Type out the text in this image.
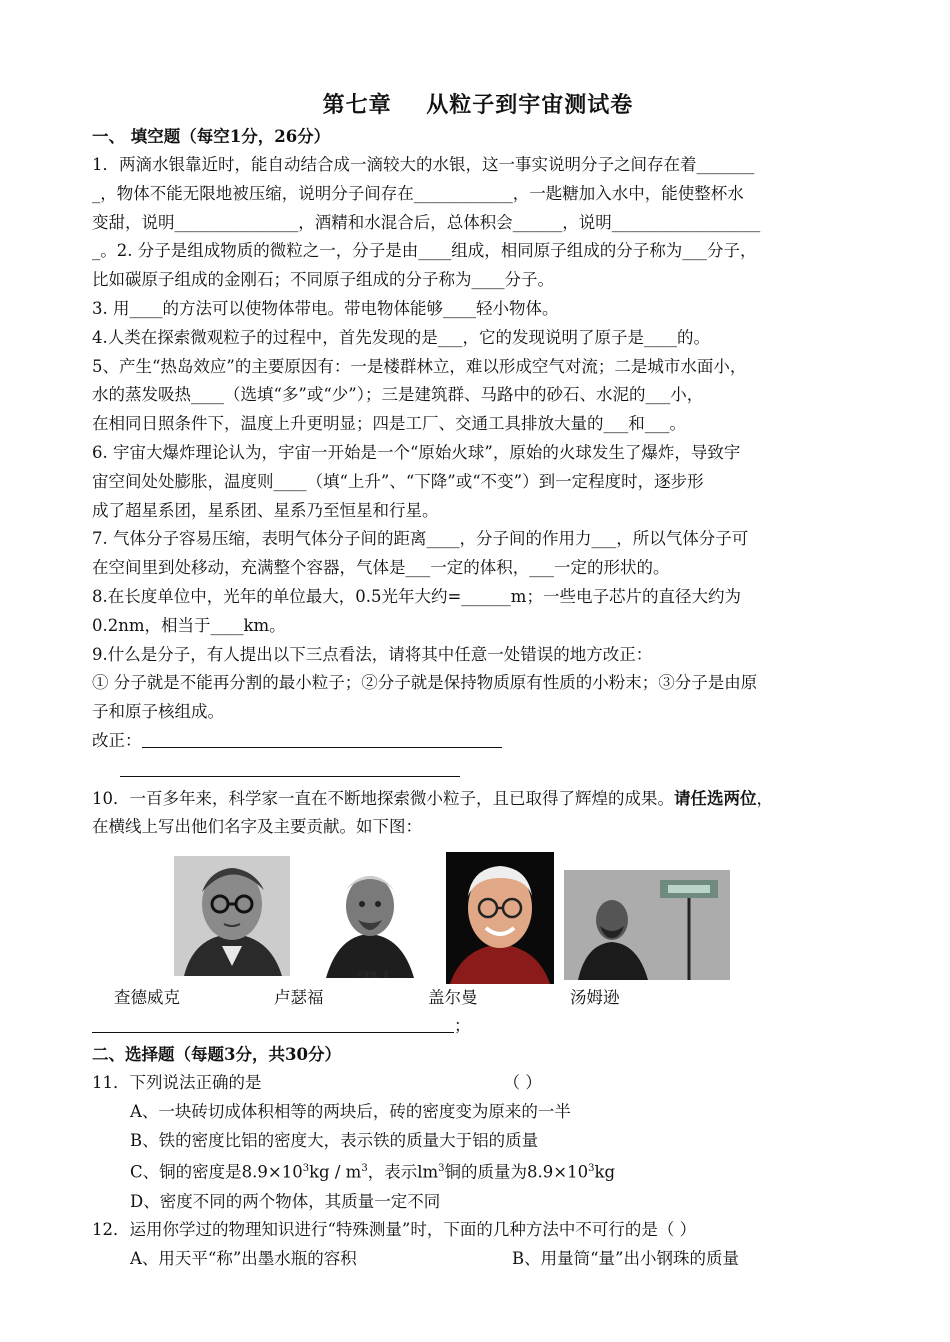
第七章    从粒子到宇宙测试卷
一、 填空题（每空1分，26分）
1．两滴水银靠近时，能自动结合成一滴较大的水银，这一事实说明分子之间存在着_______
_，物体不能无限地被压缩，说明分子间存在____________，一匙糖加入水中，能使整杯水
变甜，说明_______________，酒精和水混合后，总体积会______，说明__________________
_。2. 分子是组成物质的微粒之一，分子是由____组成，相同原子组成的分子称为___分子，
比如碳原子组成的金刚石；不同原子组成的分子称为____分子。
3. 用____的方法可以使物体带电。带电物体能够____轻小物体。
4.人类在探索微观粒子的过程中，首先发现的是___，它的发现说明了原子是____的。
5、产生“热岛效应”的主要原因有：一是楼群林立，难以形成空气对流；二是城市水面小，
水的蒸发吸热____（选填“多”或“少”）；三是建筑群、马路中的砂石、水泥的___小，
在相同日照条件下，温度上升更明显；四是工厂、交通工具排放大量的___和___。
6. 宇宙大爆炸理论认为，宇宙一开始是一个“原始火球”，原始的火球发生了爆炸，导致宇
宙空间处处膨胀，温度则____（填“上升”、“下降”或“不变”）到一定程度时，逐步形
成了超星系团，星系团、星系乃至恒星和行星。
7. 气体分子容易压缩，表明气体分子间的距离____，分子间的作用力___，所以气体分子可
在空间里到处移动，充满整个容器，气体是___一定的体积，___一定的形状的。
8.在长度单位中，光年的单位最大，0.5光年大约=______m；一些电子芯片的直径大约为
0.2nm，相当于____km。
9.什么是分子，有人提出以下三点看法，请将其中任意一处错误的地方改正：
① 分子就是不能再分割的最小粒子；②分子就是保持物质原有性质的小粉末；③分子是由原
子和原子核组成。
改正：
10．一百多年来，科学家一直在不断地探索微小粒子，且已取得了辉煌的成果。请任选两位，
在横线上写出他们名字及主要贡献。如下图：
卢瑟福．E
查德威克	卢瑟福	盖尔曼	汤姆逊
；
二、选择题（每题3分，共30分）
11．下列说法正确的是	（ ）
A、一块砖切成体积相等的两块后，砖的密度变为原来的一半
B、铁的密度比铝的密度大，表示铁的质量大于铝的质量
C、铜的密度是$8.9\times 10^3kg / m^3$，表示$lm^3$铜的质量为$8.9\times 10^3kg$
D、密度不同的两个物体，其质量一定不同
12．运用你学过的物理知识进行“特殊测量”时，下面的几种方法中不可行的是（ ）
A、用天平“称”出墨水瓶的容积	B、用量筒“量”出小钢珠的质量
